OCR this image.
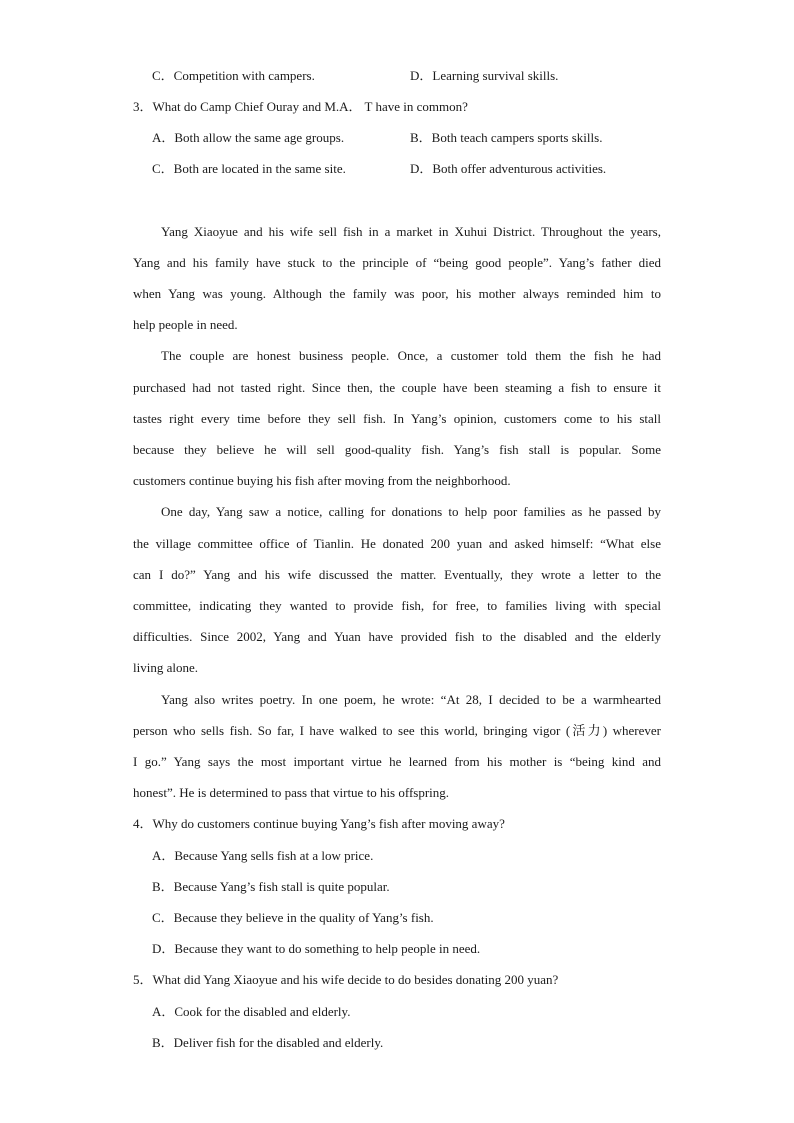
C．Competition with campers.	D．Learning survival skills.
3．What do Camp Chief Ouray and M.A． T have in common?
A．Both allow the same age groups.	B．Both teach campers sports skills.
C．Both are located in the same site.	D．Both offer adventurous activities.
Yang Xiaoyue and his wife sell fish in a market in Xuhui District. Throughout the years,
Yang and his family have stuck to the principle of “being good people”. Yang’s father died
when Yang was young. Although the family was poor, his mother always reminded him to
help people in need.
The couple are honest business people. Once, a customer told them the fish he had
purchased had not tasted right. Since then, the couple have been steaming a fish to ensure it
tastes right every time before they sell fish. In Yang’s opinion, customers come to his stall
because they believe he will sell good-quality fish. Yang’s fish stall is popular. Some
customers continue buying his fish after moving from the neighborhood.
One day, Yang saw a notice, calling for donations to help poor families as he passed by
the village committee office of Tianlin. He donated 200 yuan and asked himself: “What else
can I do?” Yang and his wife discussed the matter. Eventually, they wrote a letter to the
committee, indicating they wanted to provide fish, for free, to families living with special
difficulties. Since 2002, Yang and Yuan have provided fish to the disabled and the elderly
living alone.
Yang also writes poetry. In one poem, he wrote: “At 28, I decided to be a warmhearted
person who sells fish. So far, I have walked to see this world, bringing vigor (活力) wherever
I go.” Yang says the most important virtue he learned from his mother is “being kind and
honest”. He is determined to pass that virtue to his offspring.
4．Why do customers continue buying Yang’s fish after moving away?
A．Because Yang sells fish at a low price.
B．Because Yang’s fish stall is quite popular.
C．Because they believe in the quality of Yang’s fish.
D．Because they want to do something to help people in need.
5．What did Yang Xiaoyue and his wife decide to do besides donating 200 yuan?
A．Cook for the disabled and elderly.
B．Deliver fish for the disabled and elderly.
